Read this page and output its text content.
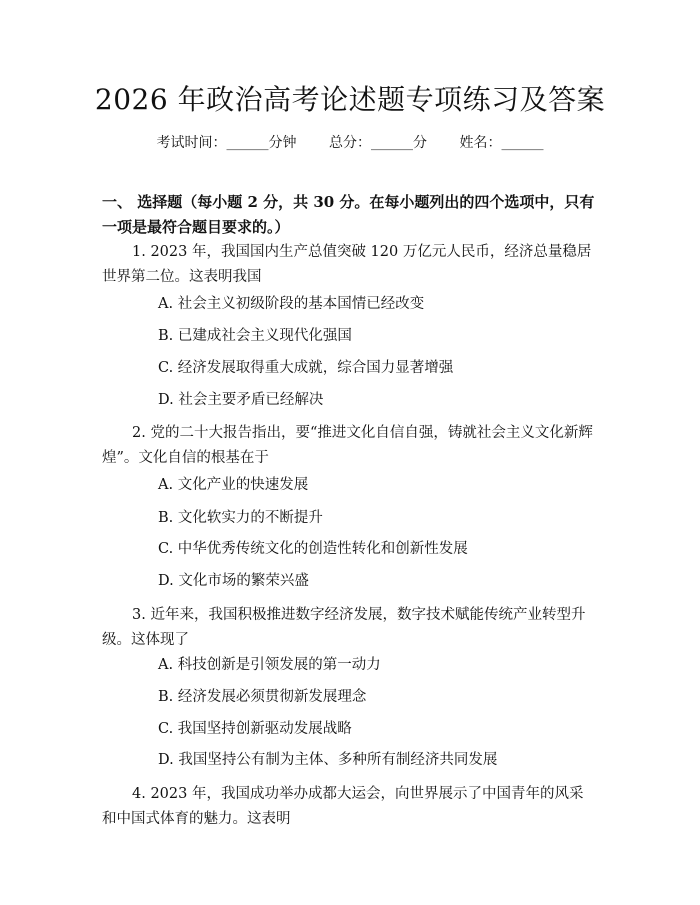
2026 年政治高考论述题专项练习及答案
考试时间：______分钟 总分：______分 姓名：______

一、 选择题（每小题 2 分，共 30 分。在每小题列出的四个选项中，只有一项是最符合题目要求的。）

1. 2023 年，我国国内生产总值突破 120 万亿元人民币，经济总量稳居世界第二位。这表明我国

A. 社会主义初级阶段的基本国情已经改变

B. 已建成社会主义现代化强国

C. 经济发展取得重大成就，综合国力显著增强

D. 社会主要矛盾已经解决

2. 党的二十大报告指出，要“推进文化自信自强，铸就社会主义文化新辉煌”。文化自信的根基在于

A. 文化产业的快速发展

B. 文化软实力的不断提升

C. 中华优秀传统文化的创造性转化和创新性发展

D. 文化市场的繁荣兴盛

3. 近年来，我国积极推进数字经济发展，数字技术赋能传统产业转型升级。这体现了

A. 科技创新是引领发展的第一动力

B. 经济发展必须贯彻新发展理念

C. 我国坚持创新驱动发展战略

D. 我国坚持公有制为主体、多种所有制经济共同发展

4. 2023 年，我国成功举办成都大运会，向世界展示了中国青年的风采和中国式体育的魅力。这表明
